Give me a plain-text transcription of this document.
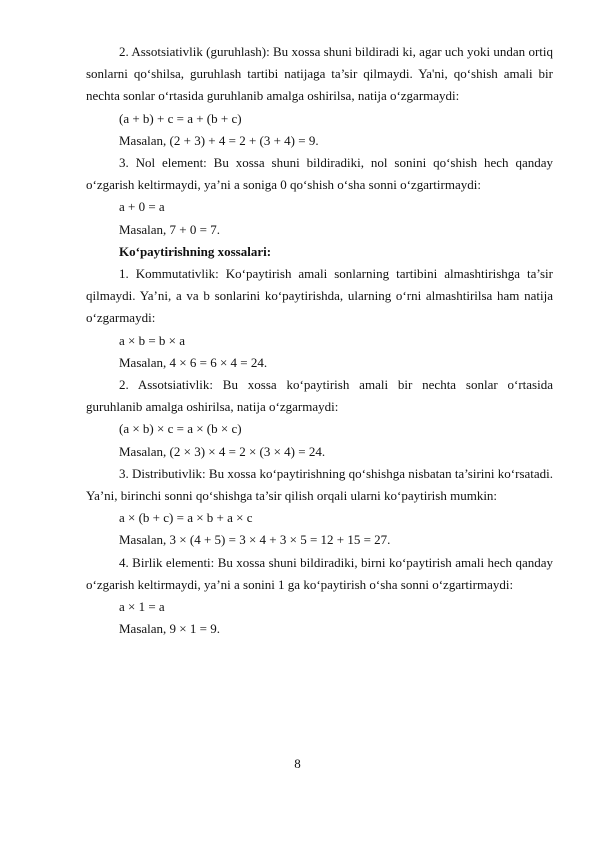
2. Assotsiativlik (guruhlash): Bu xossa shuni bildiradi ki, agar uch yoki undan ortiq sonlarni qo‘shilsa, guruhlash tartibi natijaga ta’sir qilmaydi. Ya'ni, qo‘shish amali bir nechta sonlar o‘rtasida guruhlanib amalga oshirilsa, natija o‘zgarmaydi:

(a + b) + c = a + (b + c)

Masalan, (2 + 3) + 4 = 2 + (3 + 4) = 9.

3. Nol element: Bu xossa shuni bildiradiki, nol sonini qo‘shish hech qanday o‘zgarish keltirmaydi, ya’ni a soniga 0 qo‘shish o‘sha sonni o‘zgartirmaydi:

a + 0 = a

Masalan, 7 + 0 = 7.

Ko‘paytirishning xossalari:

1. Kommutativlik: Ko‘paytirish amali sonlarning tartibini almashtirishga ta’sir qilmaydi. Ya’ni, a va b sonlarini ko‘paytirishda, ularning o‘rni almashtirilsa ham natija o‘zgarmaydi:

a × b = b × a

Masalan, 4 × 6 = 6 × 4 = 24.

2. Assotsiativlik: Bu xossa ko‘paytirish amali bir nechta sonlar o‘rtasida guruhlanib amalga oshirilsa, natija o‘zgarmaydi:

(a × b) × c = a × (b × c)

Masalan, (2 × 3) × 4 = 2 × (3 × 4) = 24.

3. Distributivlik: Bu xossa ko‘paytirishning qo‘shishga nisbatan ta’sirini ko‘rsatadi. Ya’ni, birinchi sonni qo‘shishga ta’sir qilish orqali ularni ko‘paytirish mumkin:

a × (b + c) = a × b + a × c

Masalan, 3 × (4 + 5) = 3 × 4 + 3 × 5 = 12 + 15 = 27.

4. Birlik elementi: Bu xossa shuni bildiradiki, birni ko‘paytirish amali hech qanday o‘zgarish keltirmaydi, ya’ni a sonini 1 ga ko‘paytirish o‘sha sonni o‘zgartirmaydi:

a × 1 = a

Masalan, 9 × 1 = 9.

8
